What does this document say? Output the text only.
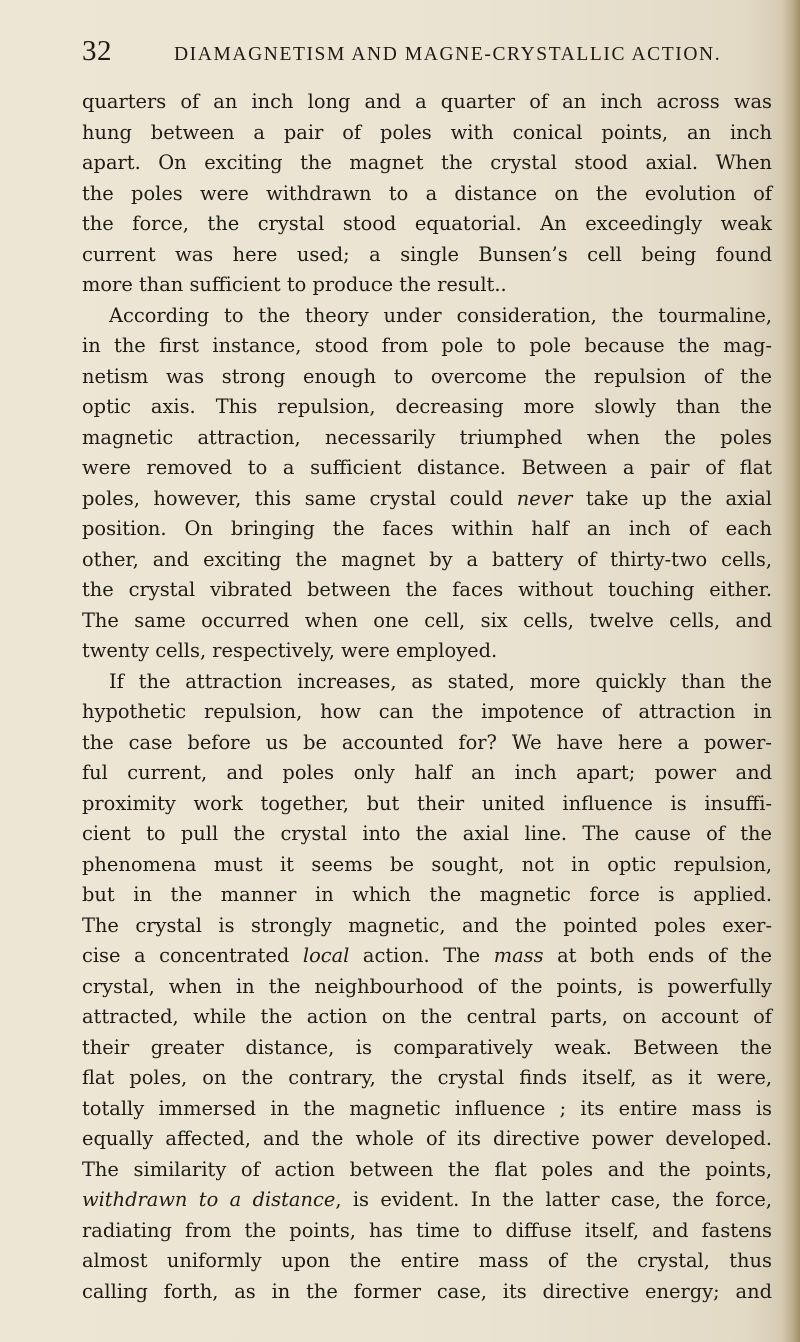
32	DIAMAGNETISM AND MAGNE-CRYSTALLIC ACTION.
quarters of an inch long and a quarter of an inch across was
hung between a pair of poles with conical points, an inch
apart. On exciting the magnet the crystal stood axial. When
the poles were withdrawn to a distance on the evolution of
the force, the crystal stood equatorial. An exceedingly weak
current was here used; a single Bunsen’s cell being found
more than sufficient to produce the result..
According to the theory under consideration, the tourmaline,
in the first instance, stood from pole to pole because the mag-
netism was strong enough to overcome the repulsion of the
optic axis. This repulsion, decreasing more slowly than the
magnetic attraction, necessarily triumphed when the poles
were removed to a sufficient distance. Between a pair of flat
poles, however, this same crystal could never take up the axial
position. On bringing the faces within half an inch of each
other, and exciting the magnet by a battery of thirty-two cells,
the crystal vibrated between the faces without touching either.
The same occurred when one cell, six cells, twelve cells, and
twenty cells, respectively, were employed.
If the attraction increases, as stated, more quickly than the
hypothetic repulsion, how can the impotence of attraction in
the case before us be accounted for? We have here a power-
ful current, and poles only half an inch apart; power and
proximity work together, but their united influence is insuffi-
cient to pull the crystal into the axial line. The cause of the
phenomena must it seems be sought, not in optic repulsion,
but in the manner in which the magnetic force is applied.
The crystal is strongly magnetic, and the pointed poles exer-
cise a concentrated local action. The mass at both ends of the
crystal, when in the neighbourhood of the points, is powerfully
attracted, while the action on the central parts, on account of
their greater distance, is comparatively weak. Between the
flat poles, on the contrary, the crystal finds itself, as it were,
totally immersed in the magnetic influence ; its entire mass is
equally affected, and the whole of its directive power developed.
The similarity of action between the flat poles and the points,
withdrawn to a distance, is evident. In the latter case, the force,
radiating from the points, has time to diffuse itself, and fastens
almost uniformly upon the entire mass of the crystal, thus
calling forth, as in the former case, its directive energy; and
